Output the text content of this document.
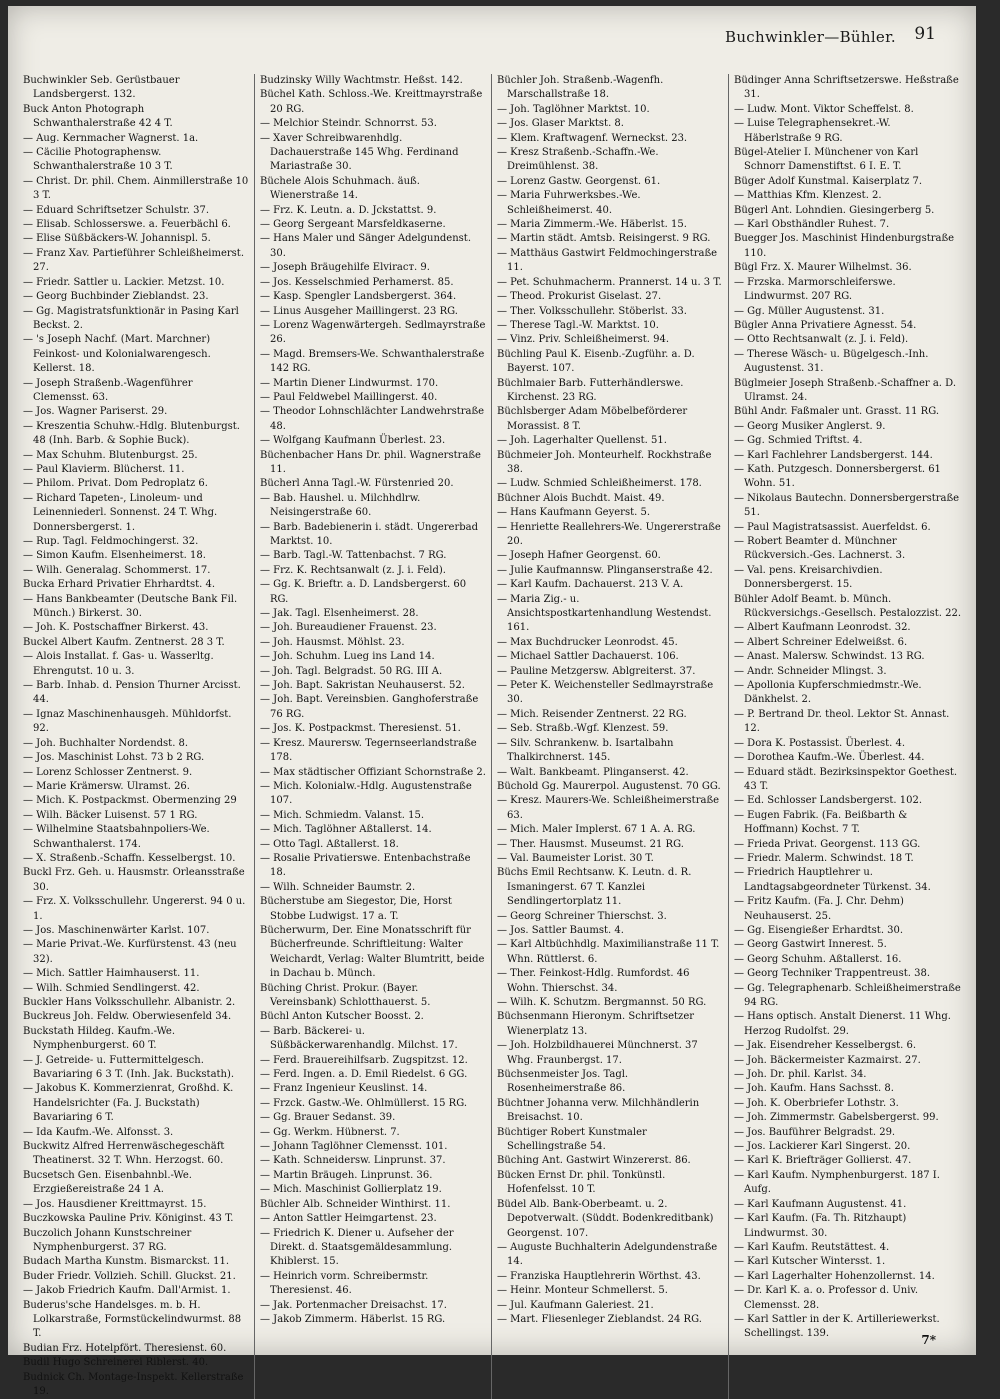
Buchwinkler—Bühler. 91

Buchwinkler Seb. Gerüstbauer Landsbergerst. 132.

Buck Anton Photograph Schwanthalerstraße 42 4 T.

— Aug. Kernmacher Wagnerst. 1a.

— Cäcilie Photographensw. Schwanthalerstraße 10 3 T.

— Christ. Dr. phil. Chem. Ainmillerstraße 10 3 T.

— Eduard Schriftsetzer Schulstr. 37.

— Elisab. Schlosserswe. a. Feuerbächl 6.

— Elise Süßbäckers-W. Johannispl. 5.

— Franz Xav. Partieführer Schleißheimerst. 27.

— Friedr. Sattler u. Lackier. Metzst. 10.

— Georg Buchbinder Zieblandst. 23.

— Gg. Magistratsfunktionär in Pasing Karl Beckst. 2.

— 's Joseph Nachf. (Mart. Marchner) Feinkost- und Kolonialwarengesch. Kellerst. 18.

— Joseph Straßenb.-Wagenführer Clemensst. 63.

— Jos. Wagner Pariserst. 29.

— Kreszentia Schuhw.-Hdlg. Blutenburgst. 48 (Inh. Barb. & Sophie Buck).

— Max Schuhm. Blutenburgst. 25.

— Paul Klavierm. Blücherst. 11.

— Philom. Privat. Dom Pedroplatz 6.

— Richard Tapeten-, Linoleum- und Leinenniederl. Sonnenst. 24 T. Whg. Donnersbergerst. 1.

— Rup. Tagl. Feldmochingerst. 32.

— Simon Kaufm. Elsenheimerst. 18.

— Wilh. Generalag. Schommerst. 17.

Bucka Erhard Privatier Ehrhardtst. 4.

— Hans Bankbeamter (Deutsche Bank Fil. Münch.) Birkerst. 30.

— Joh. K. Postschaffner Birkerst. 43.

Buckel Albert Kaufm. Zentnerst. 28 3 T.

— Alois Installat. f. Gas- u. Wasserltg. Ehrengutst. 10 u. 3.

— Barb. Inhab. d. Pension Thurner Arcisst. 44.

— Ignaz Maschinenhausgeh. Mühldorfst. 92.

— Joh. Buchhalter Nordendst. 8.

— Jos. Maschinist Lohst. 73 b 2 RG.

— Lorenz Schlosser Zentnerst. 9.

— Marie Krämersw. Ulramst. 26.

— Mich. K. Postpackmst. Obermenzing 29

— Wilh. Bäcker Luisenst. 57 1 RG.

— Wilhelmine Staatsbahnpoliers-We. Schwanthalerst. 174.

— X. Straßenb.-Schaffn. Kesselbergst. 10.

Buckl Frz. Geh. u. Hausmstr. Orleansstraße 30.

— Frz. X. Volksschullehr. Ungererst. 94 0 u. 1.

— Jos. Maschinenwärter Karlst. 107.

— Marie Privat.-We. Kurfürstenst. 43 (neu 32).

— Mich. Sattler Haimhauserst. 11.

— Wilh. Schmied Sendlingerst. 42.

Buckler Hans Volksschullehr. Albanistr. 2.

Buckreus Joh. Feldw. Oberwiesenfeld 34.

Buckstath Hildeg. Kaufm.-We. Nymphenburgerst. 60 T.

— J. Getreide- u. Futtermittelgesch. Bavariaring 6 3 T. (Inh. Jak. Buckstath).

— Jakobus K. Kommerzienrat, Großhd. K. Handelsrichter (Fa. J. Buckstath) Bavariaring 6 T.

— Ida Kaufm.-We. Alfonsst. 3.

Buckwitz Alfred Herrenwäschegeschäft Theatinerst. 32 T. Whn. Herzogst. 60.

Bucsetsch Gen. Eisenbahnbl.-We. Erzgießereistraße 24 1 A.

— Jos. Hausdiener Kreittmayrst. 15.

Buczkowska Pauline Priv. Königinst. 43 T.

Buczolich Johann Kunstschreiner Nymphenburgerst. 37 RG.

Budach Martha Kunstm. Bismarckst. 11.

Buder Friedr. Vollzieh. Schill. Gluckst. 21.

— Jakob Friedrich Kaufm. Dall'Armist. 1.

Buderus'sche Handelsges. m. b. H. Lolkarstraße, Formstückelindwurmst. 88 T.

Budian Frz. Hotelpfört. Theresienst. 60.

Budil Hugo Schreinerei Riblerst. 40.

Budnick Ch. Montage-Inspekt. Kellerstraße 19.

Budzinsky Willy Wachtmstr. Heßst. 142.

Büchel Kath. Schloss.-We. Kreittmayrstraße 20 RG.

— Melchior Steindr. Schnorrst. 53.

— Xaver Schreibwarenhdlg. Dachauerstraße 145 Whg. Ferdinand Mariastraße 30.

Büchele Alois Schuhmach. äuß. Wienerstraße 14.

— Frz. K. Leutn. a. D. Jckstattst. 9.

— Georg Sergeant Marsfeldkaserne.

— Hans Maler und Sänger Adelgundenst. 30.

— Joseph Bräugehilfe Elviraст. 9.

— Jos. Kesselschmied Perhamerst. 85.

— Kasp. Spengler Landsbergerst. 364.

— Linus Ausgeher Maillingerst. 23 RG.

— Lorenz Wagenwärtergeh. Sedlmayrstraße 26.

— Magd. Bremsers-We. Schwanthalerstraße 142 RG.

— Martin Diener Lindwurmst. 170.

— Paul Feldwebel Maillingerst. 40.

— Theodor Lohnschlächter Landwehrstraße 48.

— Wolfgang Kaufmann Überlest. 23.

Büchenbacher Hans Dr. phil. Wagnerstraße 11.

Bücherl Anna Tagl.-W. Fürstenried 20.

— Bab. Haushel. u. Milchhdlrw. Neisingerstraße 60.

— Barb. Badebienerin i. städt. Ungererbad Marktst. 10.

— Barb. Tagl.-W. Tattenbachst. 7 RG.

— Frz. K. Rechtsanwalt (z. J. i. Feld).

— Gg. K. Brieftr. a. D. Landsbergerst. 60 RG.

— Jak. Tagl. Elsenheimerst. 28.

— Joh. Bureaudiener Frauenst. 23.

— Joh. Hausmst. Möhlst. 23.

— Joh. Schuhm. Lueg ins Land 14.

— Joh. Tagl. Belgradst. 50 RG. III A.

— Joh. Bapt. Sakristan Neuhauserst. 52.

— Joh. Bapt. Vereinsbien. Ganghoferstraße 76 RG.

— Jos. K. Postpackmst. Theresienst. 51.

— Kresz. Maurersw. Tegernseerlandstraße 178.

— Max städtischer Offiziant Schornstraße 2.

— Mich. Kolonialw.-Hdlg. Augustenstraße 107.

— Mich. Schmiedm. Valanst. 15.

— Mich. Taglöhner Aßtallerst. 14.

— Otto Tagl. Aßtallerst. 18.

— Rosalie Privatierswe. Entenbachstraße 18.

— Wilh. Schneider Baumstr. 2.

Bücherstube am Siegestor, Die, Horst Stobbe Ludwigst. 17 a. T.

Bücherwurm, Der. Eine Monatsschrift für Bücherfreunde. Schriftleitung: Walter Weichardt, Verlag: Walter Blumtritt, beide in Dachau b. Münch.

Büching Christ. Prokur. (Bayer. Vereinsbank) Schlotthauerst. 5.

Büchl Anton Kutscher Boosst. 2.

— Barb. Bäckerei- u. Süßbäckerwarenhandlg. Milchst. 17.

— Ferd. Brauereihilfsarb. Zugspitzst. 12.

— Ferd. Ingen. a. D. Emil Riedelst. 6 GG.

— Franz Ingenieur Keuslinst. 14.

— Frzck. Gastw.-We. Ohlmüllerst. 15 RG.

— Gg. Brauer Sedanst. 39.

— Gg. Werkm. Hübnerst. 7.

— Johann Taglöhner Clemensst. 101.

— Kath. Schneidersw. Linprunst. 37.

— Martin Bräugeh. Linprunst. 36.

— Mich. Maschinist Gollierplatz 19.

Büchler Alb. Schneider Winthirst. 11.

— Anton Sattler Heimgartenst. 23.

— Friedrich K. Diener u. Aufseher der Direkt. d. Staatsgemäldesammlung. Khiblerst. 15.

— Heinrich vorm. Schreibermstr. Theresienst. 46.

— Jak. Portenmacher Dreisachst. 17.

— Jakob Zimmerm. Häberlst. 15 RG.

Büchler Joh. Straßenb.-Wagenfh. Marschallstraße 18.

— Joh. Taglöhner Marktst. 10.

— Jos. Glaser Marktst. 8.

— Klem. Kraftwagenf. Werneckst. 23.

— Kresz Straßenb.-Schaffn.-We. Dreimühlenst. 38.

— Lorenz Gastw. Georgenst. 61.

— Maria Fuhrwerksbes.-We. Schleißheimerst. 40.

— Maria Zimmerm.-We. Häberlst. 15.

— Martin städt. Amtsb. Reisingerst. 9 RG.

— Matthäus Gastwirt Feldmochingerstraße 11.

— Pet. Schuhmacherm. Prannerst. 14 u. 3 T.

— Theod. Prokurist Giselast. 27.

— Ther. Volksschullehr. Stöberlst. 33.

— Therese Tagl.-W. Marktst. 10.

— Vinz. Priv. Schleißheimerst. 94.

Büchling Paul K. Eisenb.-Zugführ. a. D. Bayerst. 107.

Büchlmaier Barb. Futterhändlerswe. Kirchenst. 23 RG.

Büchlsberger Adam Möbelbeförderer Morassist. 8 T.

— Joh. Lagerhalter Quellenst. 51.

Büchmeier Joh. Monteurhelf. Rockhstraße 38.

— Ludw. Schmied Schleißheimerst. 178.

Büchner Alois Buchdt. Maist. 49.

— Hans Kaufmann Geyerst. 5.

— Henriette Reallehrers-We. Ungererstraße 20.

— Joseph Hafner Georgenst. 60.

— Julie Kaufmannsw. Plinganserstraße 42.

— Karl Kaufm. Dachauerst. 213 V. A.

— Maria Zig.- u. Ansichtspostkartenhandlung Westendst. 161.

— Max Buchdrucker Leonrodst. 45.

— Michael Sattler Dachauerst. 106.

— Pauline Metzgersw. Ablgreiterst. 37.

— Peter K. Weichensteller Sedlmayrstraße 30.

— Mich. Reisender Zentnerst. 22 RG.

— Seb. Straßb.-Wgf. Klenzest. 59.

— Silv. Schrankenw. b. Isartalbahn Thalkirchnerst. 145.

— Walt. Bankbeamt. Plinganserst. 42.

Büchold Gg. Maurerpol. Augustenst. 70 GG.

— Kresz. Maurers-We. Schleißheimerstraße 63.

— Mich. Maler Implerst. 67 1 A. A. RG.

— Ther. Hausmst. Museumst. 21 RG.

— Val. Baumeister Lorist. 30 T.

Büchs Emil Rechtsanw. K. Leutn. d. R. Ismaningerst. 67 T. Kanzlei Sendlingertorplatz 11.

— Georg Schreiner Thierschst. 3.

— Jos. Sattler Baumst. 4.

— Karl Altbüchhdlg. Maximilianstraße 11 T. Whn. Rüttlerst. 6.

— Ther. Feinkost-Hdlg. Rumfordst. 46 Wohn. Thierschst. 34.

— Wilh. K. Schutzm. Bergmannst. 50 RG.

Büchsenmann Hieronym. Schriftsetzer Wienerplatz 13.

— Joh. Holzbildhauerei Münchnerst. 37 Whg. Fraunbergst. 17.

Büchsenmeister Jos. Tagl. Rosenheimerstraße 86.

Büchtner Johanna verw. Milchhändlerin Breisachst. 10.

Büchtiger Robert Kunstmaler Schellingstraße 54.

Büching Ant. Gastwirt Winzererst. 86.

Bücken Ernst Dr. phil. Tonkünstl. Hofenfelsst. 10 T.

Büdel Alb. Bank-Oberbeamt. u. 2. Depotverwalt. (Süddt. Bodenkreditbank) Georgenst. 107.

— Auguste Buchhalterin Adelgundenstraße 14.

— Franziska Hauptlehrerin Wörthst. 43.

— Heinr. Monteur Schmellerst. 5.

— Jul. Kaufmann Galeriest. 21.

— Mart. Fliesenleger Zieblandst. 24 RG.

Büdinger Anna Schriftsetzerswe. Heßstraße 31.

— Ludw. Mont. Viktor Scheffelst. 8.

— Luise Telegraphensekret.-W. Häberlstraße 9 RG.

Bügel-Atelier I. Münchener von Karl Schnorr Damenstiftst. 6 I. E. T.

Büger Adolf Kunstmal. Kaiserplatz 7.

— Matthias Kfm. Klenzest. 2.

Bügerl Ant. Lohndien. Giesingerberg 5.

— Karl Obsthändler Ruhest. 7.

Buegger Jos. Maschinist Hindenburgstraße 110.

Bügl Frz. X. Maurer Wilhelmst. 36.

— Frzska. Marmorschleiferswe. Lindwurmst. 207 RG.

— Gg. Müller Augustenst. 31.

Bügler Anna Privatiere Agnesst. 54.

— Otto Rechtsanwalt (z. J. i. Feld).

— Therese Wäsch- u. Bügelgesch.-Inh. Augustenst. 31.

Büglmeier Joseph Straßenb.-Schaffner a. D. Ulramst. 24.

Bühl Andr. Faßmaler unt. Grasst. 11 RG.

— Georg Musiker Anglerst. 9.

— Gg. Schmied Triftst. 4.

— Karl Fachlehrer Landsbergerst. 144.

— Kath. Putzgesch. Donnersbergerst. 61 Wohn. 51.

— Nikolaus Bautechn. Donnersbergerstraße 51.

— Paul Magistratsassist. Auerfeldst. 6.

— Robert Beamter d. Münchner Rückversich.-Ges. Lachnerst. 3.

— Val. pens. Kreisarchivdien. Donnersbergerst. 15.

Bühler Adolf Beamt. b. Münch. Rückversichgs.-Gesellsch. Pestalozzist. 22.

— Albert Kaufmann Leonrodst. 32.

— Albert Schreiner Edelweißst. 6.

— Anast. Malersw. Schwindst. 13 RG.

— Andr. Schneider Mlingst. 3.

— Apollonia Kupferschmiedmstr.-We. Dänkhelst. 2.

— P. Bertrand Dr. theol. Lektor St. Annast. 12.

— Dora K. Postassist. Überlest. 4.

— Dorothea Kaufm.-We. Überlest. 44.

— Eduard städt. Bezirksinspektor Goethest. 43 T.

— Ed. Schlosser Landsbergerst. 102.

— Eugen Fabrik. (Fa. Beißbarth & Hoffmann) Kochst. 7 T.

— Frieda Privat. Georgenst. 113 GG.

— Friedr. Malerm. Schwindst. 18 T.

— Friedrich Hauptlehrer u. Landtagsabgeordneter Türkenst. 34.

— Fritz Kaufm. (Fa. J. Chr. Dehm) Neuhauserst. 25.

— Gg. Eisengießer Erhardtst. 30.

— Georg Gastwirt Innerest. 5.

— Georg Schuhm. Aßtallerst. 16.

— Georg Techniker Trappentreust. 38.

— Gg. Telegraphenarb. Schleißheimerstraße 94 RG.

— Hans optisch. Anstalt Dienerst. 11 Whg. Herzog Rudolfst. 29.

— Jak. Eisendreher Kesselbergst. 6.

— Joh. Bäckermeister Kazmairst. 27.

— Joh. Dr. phil. Karlst. 34.

— Joh. Kaufm. Hans Sachsst. 8.

— Joh. K. Oberbriefer Lothstr. 3.

— Joh. Zimmermstr. Gabelsbergerst. 99.

— Jos. Bauführer Belgradst. 29.

— Jos. Lackierer Karl Singerst. 20.

— Karl K. Briefträger Gollierst. 47.

— Karl Kaufm. Nymphenburgerst. 187 I. Aufg.

— Karl Kaufmann Augustenst. 41.

— Karl Kaufm. (Fa. Th. Ritzhaupt) Lindwurmst. 30.

— Karl Kaufm. Reutstättest. 4.

— Karl Kutscher Wintersst. 1.

— Karl Lagerhalter Hohenzollernst. 14.

— Dr. Karl K. a. o. Professor d. Univ. Clemensst. 28.

— Karl Sattler in der K. Artilleriewerkst. Schellingst. 139.	7*
